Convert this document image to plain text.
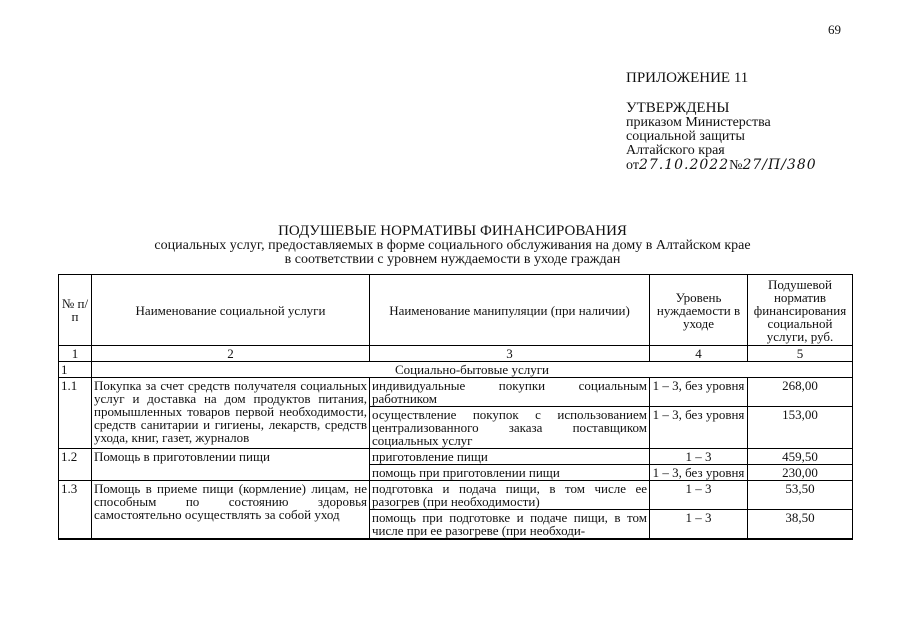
69
ПРИЛОЖЕНИЕ 11
УТВЕРЖДЕНЫ
приказом Министерства
социальной защиты
Алтайского края
от27.10.2022№27/П/380
ПОДУШЕВЫЕ НОРМАТИВЫ ФИНАНСИРОВАНИЯ
социальных услуг, предоставляемых в форме социального обслуживания на дому в Алтайском крае
в соответствии с уровнем нуждаемости в уходе граждан
№ п/п	Наименование социальной услуги	Наименование манипуляции (при наличии)	Уровень нуждаемости в уходе	Подушевой норматив финансирования социальной услуги, руб.
1	2	3	4	5
1	Социально-бытовые услуги			
1.1	Покупка за счет средств получателя социальных услуг и доставка на дом продуктов питания, промышленных товаров первой необходимости, средств санитарии и гигиены, лекарств, средств ухода, книг, газет, журналов	индивидуальные покупки социальным работником	1 – 3, без уровня	268,00
		осуществление покупок с использованием централизованного заказа поставщиком социальных услуг	1 – 3, без уровня	153,00
1.2	Помощь в приготовлении пищи	приготовление пищи	1 – 3	459,50
		помощь при приготовлении пищи	1 – 3, без уровня	230,00
1.3	Помощь в приеме пищи (кормление) лицам, не способным по состоянию здоровья самостоятельно осуществлять за собой уход	подготовка и подача пищи, в том числе ее разогрев (при необходимости)	1 – 3	53,50
		помощь при подготовке и подаче пищи, в том числе при ее разогреве (при необходи-	1 – 3	38,50
